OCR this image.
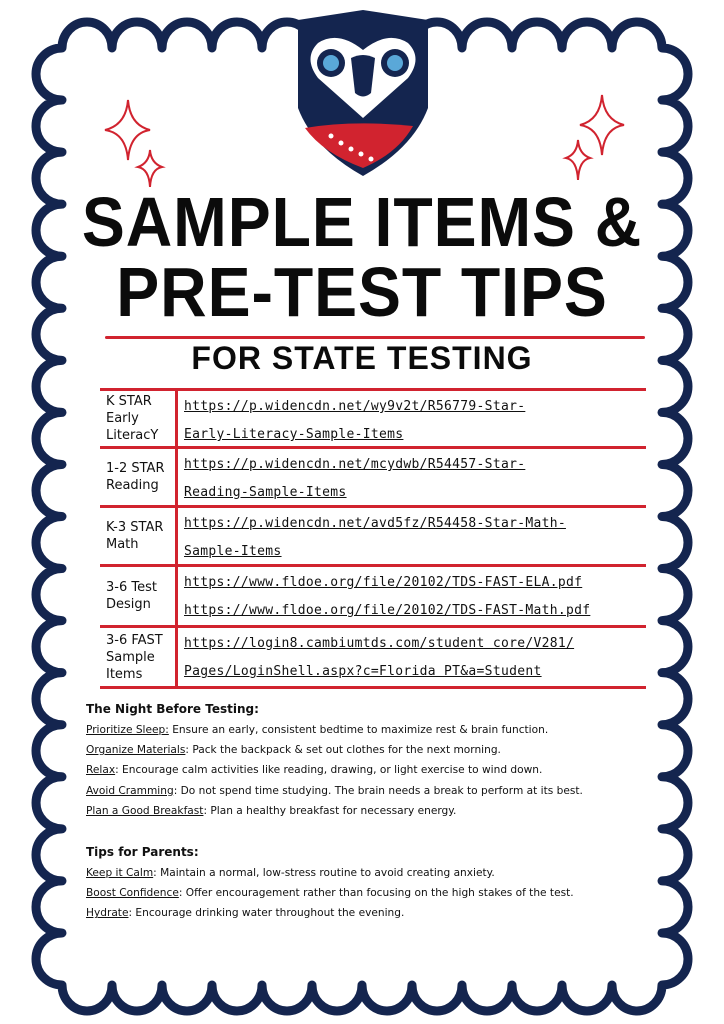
SAMPLE ITEMS &
PRE-TEST TIPS
FOR STATE TESTING
K STAR Early LiteracY
https://p.widencdn.net/wy9v2t/R56779-Star-
Early-Literacy-Sample-Items
1-2 STAR Reading
https://p.widencdn.net/mcydwb/R54457-Star-
Reading-Sample-Items
K-3 STAR Math
https://p.widencdn.net/avd5fz/R54458-Star-Math-
Sample-Items
3-6 Test Design
https://www.fldoe.org/file/20102/TDS-FAST-ELA.pdf
https://www.fldoe.org/file/20102/TDS-FAST-Math.pdf
3-6 FAST Sample Items
https://login8.cambiumtds.com/student core/V281/
Pages/LoginShell.aspx?c=Florida PT&a=Student
The Night Before Testing:
Prioritize Sleep: Ensure an early, consistent bedtime to maximize rest & brain function.
Organize Materials: Pack the backpack & set out clothes for the next morning.
Relax: Encourage calm activities like reading, drawing, or light exercise to wind down.
Avoid Cramming: Do not spend time studying. The brain needs a break to perform at its best.
Plan a Good Breakfast: Plan a healthy breakfast for necessary energy.
Tips for Parents:
Keep it Calm: Maintain a normal, low-stress routine to avoid creating anxiety.
Boost Confidence: Offer encouragement rather than focusing on the high stakes of the test.
Hydrate: Encourage drinking water throughout the evening.
